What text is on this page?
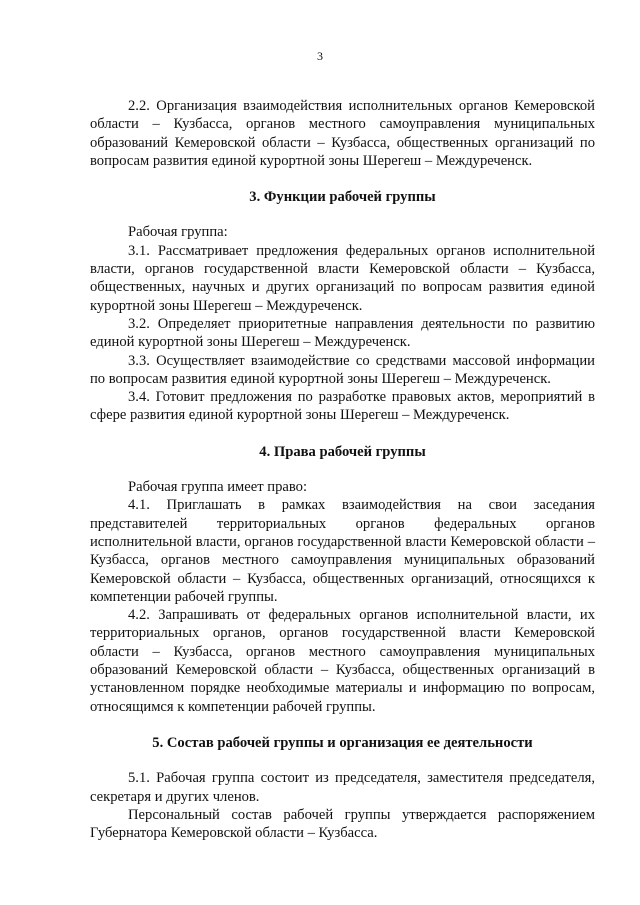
3

2.2. Организация взаимодействия исполнительных органов Кемеровской области – Кузбасса, органов местного самоуправления муниципальных образований Кемеровской области – Кузбасса, общественных организаций по вопросам развития единой курортной зоны Шерегеш – Междуреченск.

3. Функции рабочей группы

Рабочая группа:

3.1. Рассматривает предложения федеральных органов исполнительной власти, органов государственной власти Кемеровской области – Кузбасса, общественных, научных и других организаций по вопросам развития единой курортной зоны Шерегеш – Междуреченск.

3.2. Определяет приоритетные направления деятельности по развитию единой курортной зоны Шерегеш – Междуреченск.

3.3. Осуществляет взаимодействие со средствами массовой информации по вопросам развития единой курортной зоны Шерегеш – Междуреченск.

3.4. Готовит предложения по разработке правовых актов, мероприятий в сфере развития единой курортной зоны Шерегеш – Междуреченск.

4. Права рабочей группы

Рабочая группа имеет право:

4.1. Приглашать в рамках взаимодействия на свои заседания представителей территориальных органов федеральных органов исполнительной власти, органов государственной власти Кемеровской области – Кузбасса, органов местного самоуправления муниципальных образований Кемеровской области – Кузбасса, общественных организаций, относящихся к компетенции рабочей группы.

4.2. Запрашивать от федеральных органов исполнительной власти, их территориальных органов, органов государственной власти Кемеровской области – Кузбасса, органов местного самоуправления муниципальных образований Кемеровской области – Кузбасса, общественных организаций в установленном порядке необходимые материалы и информацию по вопросам, относящимся к компетенции рабочей группы.

5. Состав рабочей группы и организация ее деятельности

5.1. Рабочая группа состоит из председателя, заместителя председателя, секретаря и других членов.

Персональный состав рабочей группы утверждается распоряжением Губернатора Кемеровской области – Кузбасса.
